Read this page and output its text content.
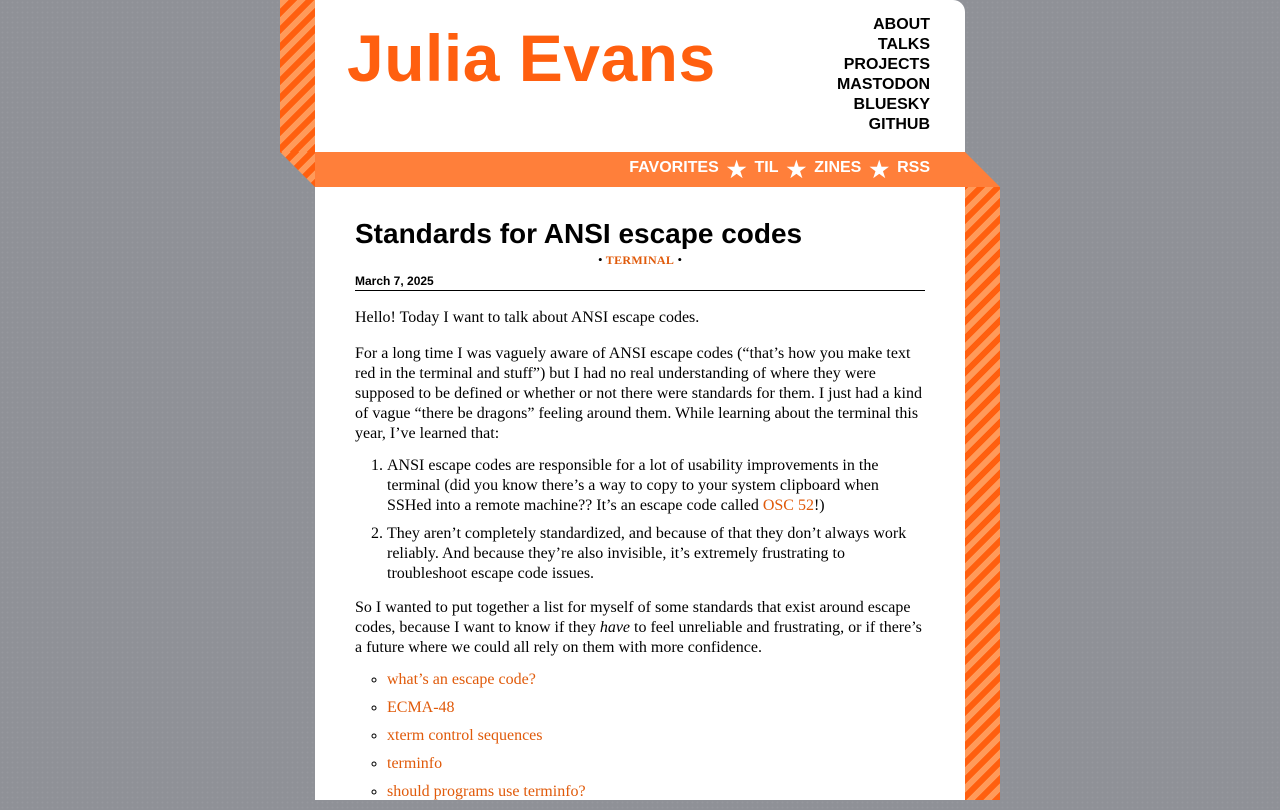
Julia Evans	ABOUT
TALKS
PROJECTS
MASTODON
BLUESKY
GITHUB
FAVORITES ★ TIL ★ ZINES ★ RSS
Standards for ANSI escape codes
• TERMINAL •
March 7, 2025

Hello! Today I want to talk about ANSI escape codes.

For a long time I was vaguely aware of ANSI escape codes (“that’s how you make text red in the terminal and stuff”) but I had no real understanding of where they were supposed to be defined or whether or not there were standards for them. I just had a kind of vague “there be dragons” feeling around them. While learning about the terminal this year, I’ve learned that:

1. ANSI escape codes are responsible for a lot of usability improvements in the terminal (did you know there’s a way to copy to your system clipboard when SSHed into a remote machine?? It’s an escape code called OSC 52!)
2. They aren’t completely standardized, and because of that they don’t always work reliably. And because they’re also invisible, it’s extremely frustrating to troubleshoot escape code issues.

So I wanted to put together a list for myself of some standards that exist around escape codes, because I want to know if they have to feel unreliable and frustrating, or if there’s a future where we could all rely on them with more confidence.

◦ what’s an escape code?
◦ ECMA-48
◦ xterm control sequences
◦ terminfo
◦ should programs use terminfo?
